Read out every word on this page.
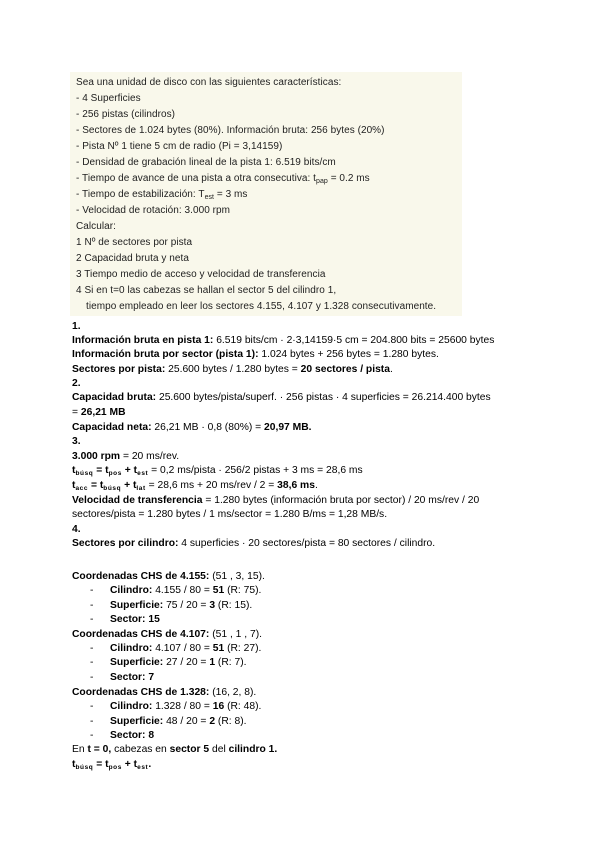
Sea una unidad de disco con las siguientes características:
- 4 Superficies
- 256 pistas (cilindros)
- Sectores de 1.024 bytes (80%). Información bruta: 256 bytes (20%)
- Pista Nº 1 tiene 5 cm de radio (Pi = 3,14159)
- Densidad de grabación lineal de la pista 1: 6.519 bits/cm
- Tiempo de avance de una pista a otra consecutiva: $t_{pap} = 0.2$ ms
- Tiempo de estabilización: $T_{est} = 3$ ms
- Velocidad de rotación: 3.000 rpm
Calcular:
1 Nº de sectores por pista
2 Capacidad bruta y neta
3 Tiempo medio de acceso y velocidad de transferencia
4 Si en t=0 las cabezas se hallan el sector 5 del cilindro 1,
tiempo empleado en leer los sectores 4.155, 4.107 y 1.328 consecutivamente.
1.
Información bruta en pista 1: 6.519 bits/cm · 2·3,14159·5 cm = 204.800 bits = 25600 bytes
Información bruta por sector (pista 1): 1.024 bytes + 256 bytes = 1.280 bytes.
Sectores por pista: 25.600 bytes / 1.280 bytes = 20 sectores / pista.
2.
Capacidad bruta: 25.600 bytes/pista/superf. · 256 pistas · 4 superficies = 26.214.400 bytes
= 26,21 MB
Capacidad neta: 26,21 MB · 0,8 (80%) = 20,97 MB.
3.
3.000 rpm = 20 ms/rev.
$t_{búsq} = t_{pos} + t_{est} = 0,2$ ms/pista · 256/2 pistas + 3 ms = 28,6 ms
$t_{acc} = t_{búsq} + t_{lat} = 28,6$ ms + 20 ms/rev / 2 = 38,6 ms.
Velocidad de transferencia = 1.280 bytes (información bruta por sector) / 20 ms/rev / 20
sectores/pista = 1.280 bytes / 1 ms/sector = 1.280 B/ms = 1,28 MB/s.
4.
Sectores por cilindro: 4 superficies · 20 sectores/pista = 80 sectores / cilindro.
Coordenadas CHS de 4.155: (51 , 3, 15).
- Cilindro: 4.155 / 80 = 51 (R: 75).
- Superficie: 75 / 20 = 3 (R: 15).
- Sector: 15
Coordenadas CHS de 4.107: (51 , 1 , 7).
- Cilindro: 4.107 / 80 = 51 (R: 27).
- Superficie: 27 / 20 = 1 (R: 7).
- Sector: 7
Coordenadas CHS de 1.328: (16, 2, 8).
- Cilindro: 1.328 / 80 = 16 (R: 48).
- Superficie: 48 / 20 = 2 (R: 8).
- Sector: 8
En t = 0, cabezas en sector 5 del cilindro 1.
$t_{búsq} = t_{pos} + t_{est}$.
